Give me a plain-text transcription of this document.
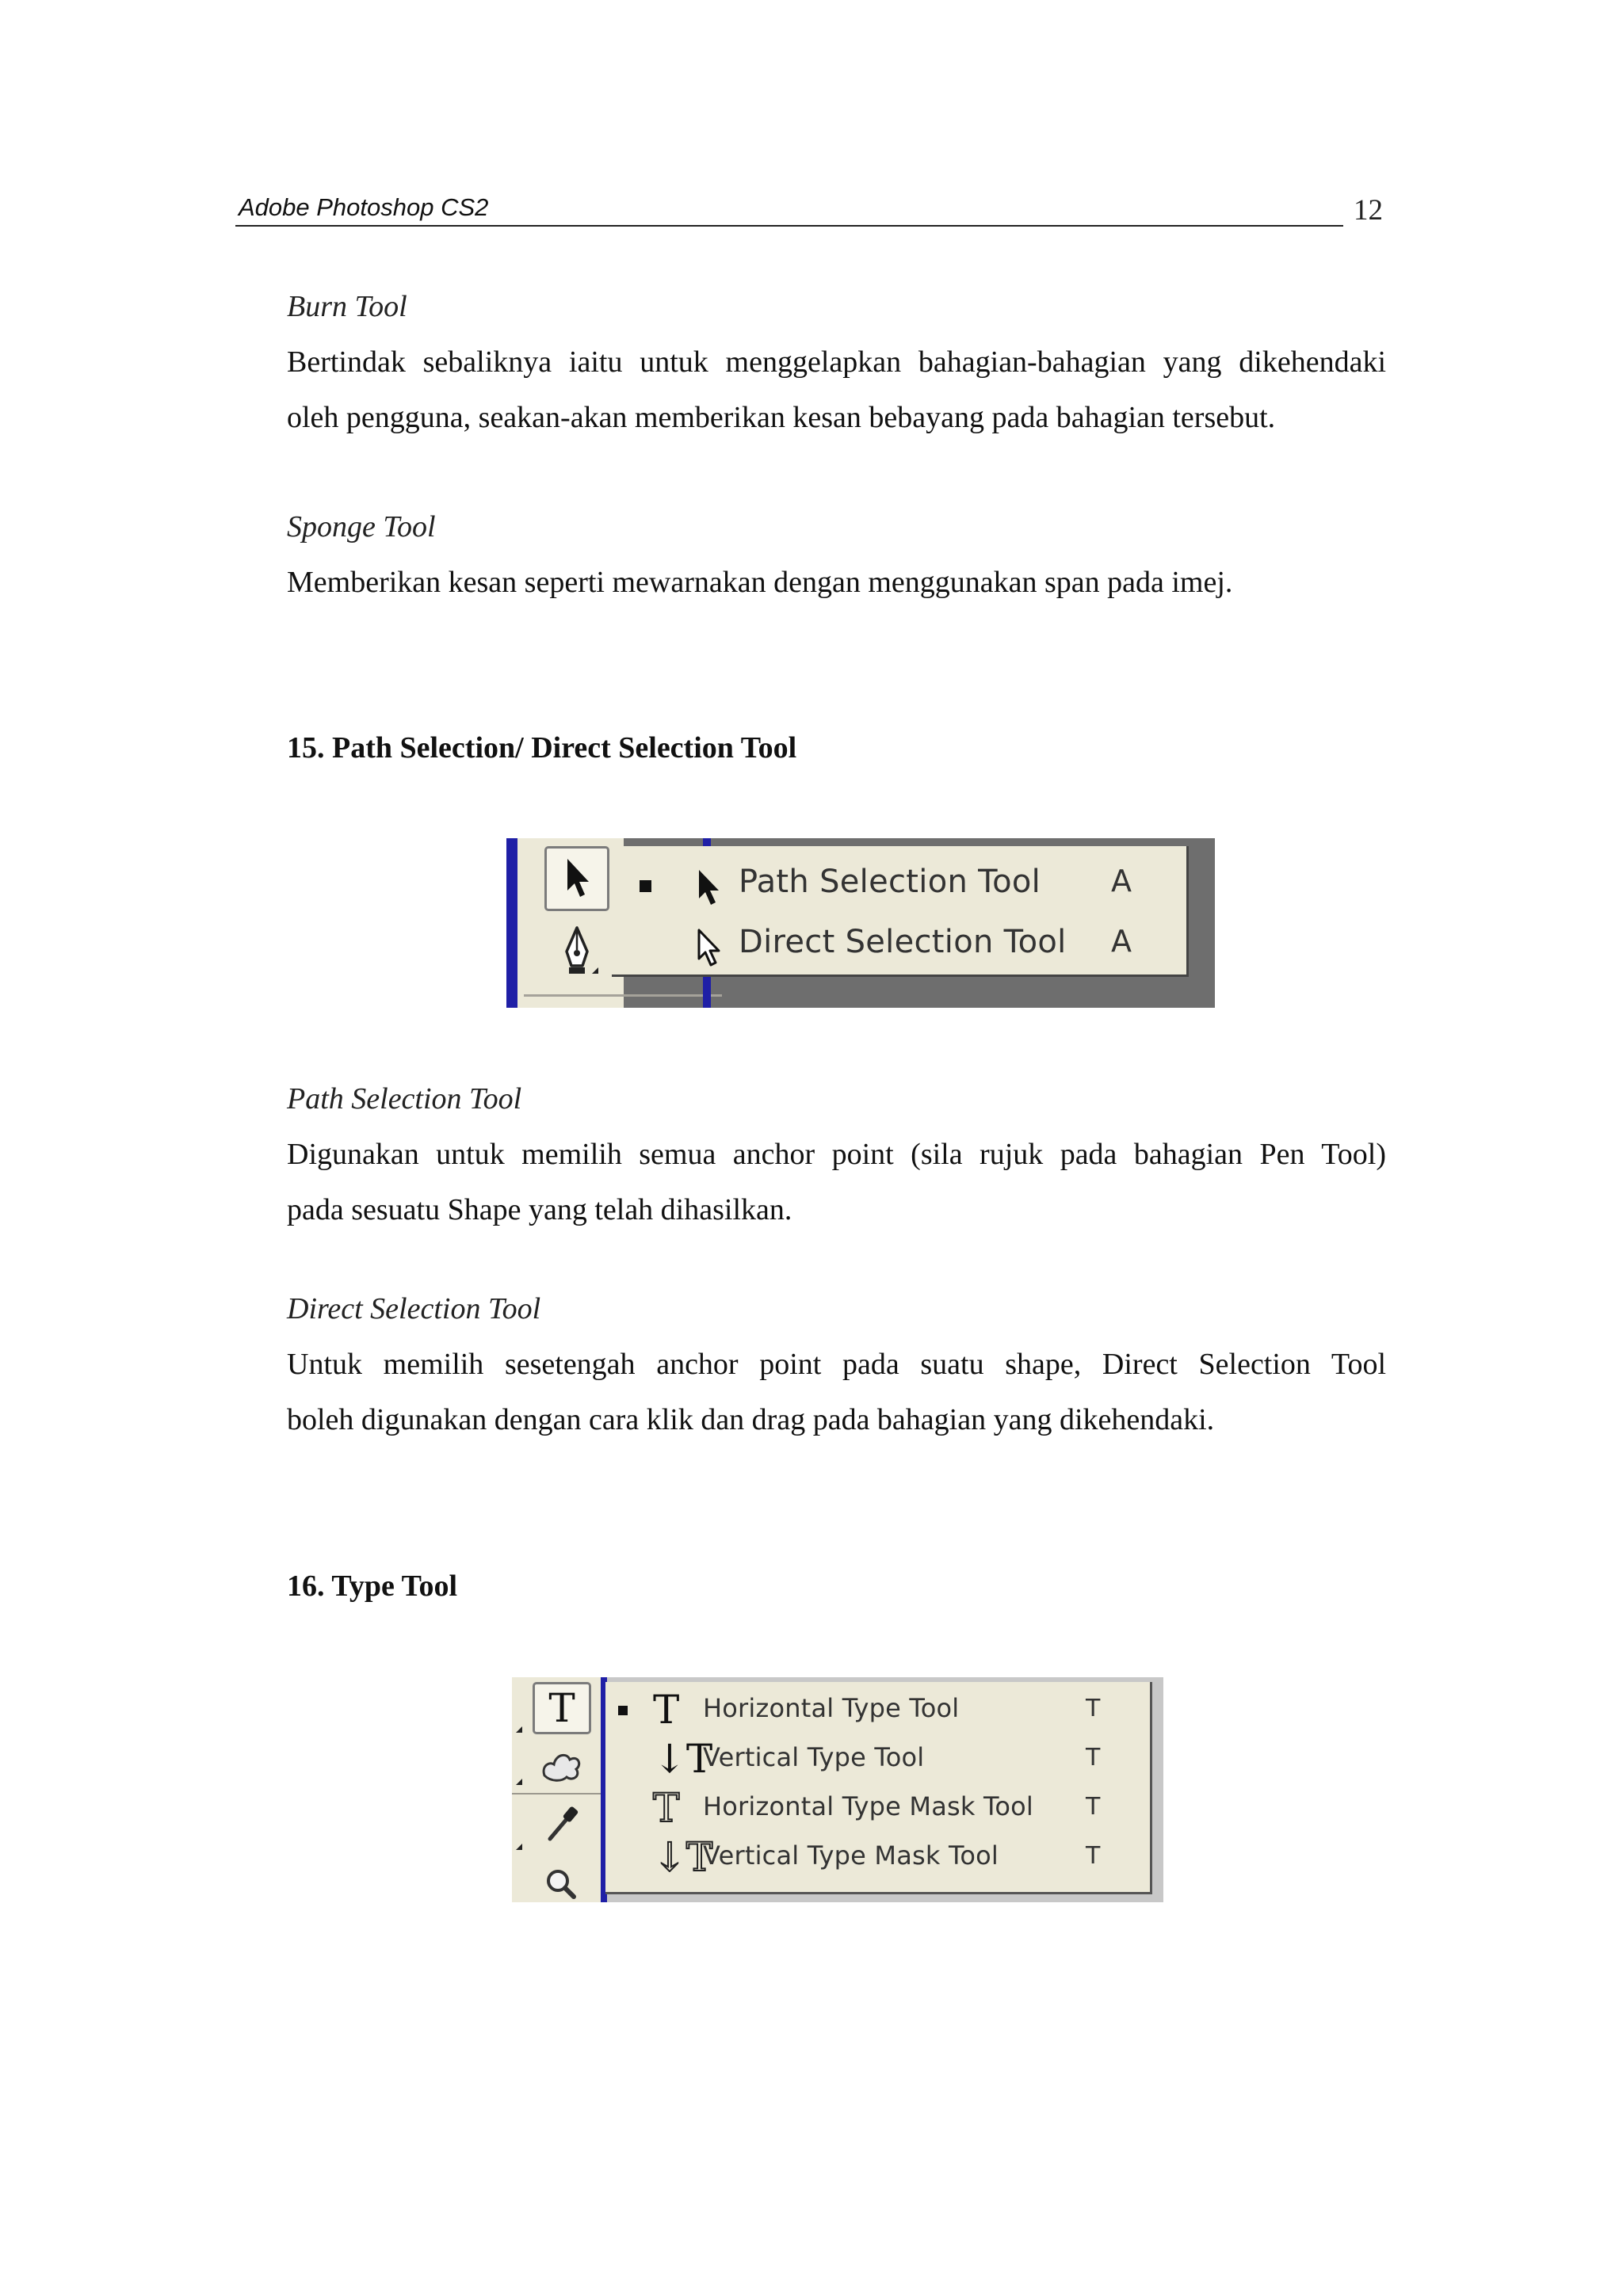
Adobe Photoshop CS2	12
Burn Tool
Bertindak sebaliknya iaitu untuk menggelapkan bahagian-bahagian yang dikehendaki
oleh pengguna, seakan-akan memberikan kesan bebayang pada bahagian tersebut.
Sponge Tool
Memberikan kesan seperti mewarnakan dengan menggunakan span pada imej.
15. Path Selection/ Direct Selection Tool
Path Selection Tool A
Direct Selection Tool A
Path Selection Tool
Digunakan untuk memilih semua anchor point (sila rujuk pada bahagian Pen Tool)
pada sesuatu Shape yang telah dihasilkan.
Direct Selection Tool
Untuk memilih sesetengah anchor point pada suatu shape, Direct Selection Tool
boleh digunakan dengan cara klik dan drag pada bahagian yang dikehendaki.
16. Type Tool
T T Horizontal Type Tool	T
↓T
Vertical Type Tool	T
T Horizontal Type Mask Tool T
↓T
Vertical Type Mask Tool	T
